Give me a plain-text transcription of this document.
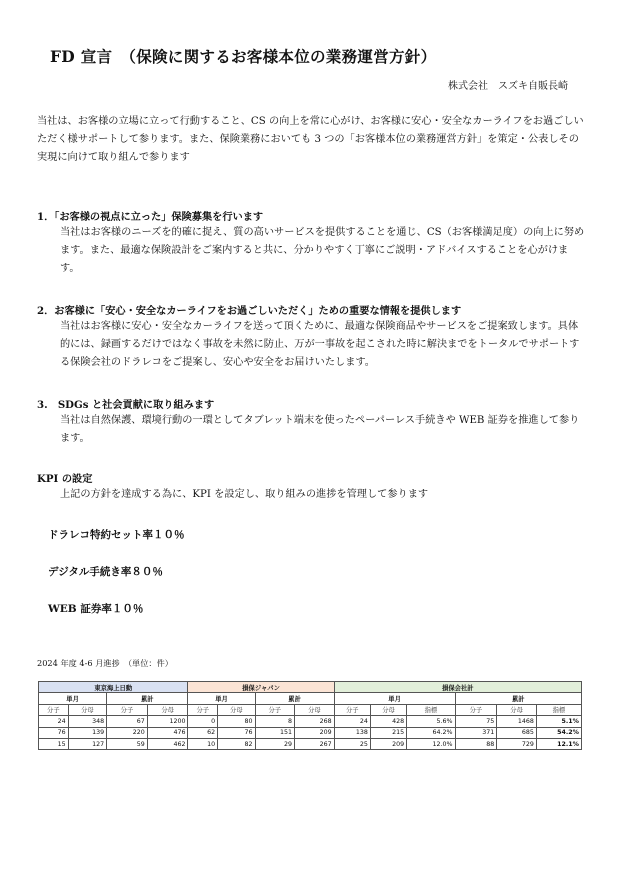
FD 宣言　（保険に関するお客様本位の業務運営方針）
株式会社　スズキ自販長崎
当社は、お客様の立場に立って行動すること、CS の向上を常に心がけ、お客様に安心・安全なカーライフをお過ごしいただく様サポートして参ります。また、保険業務においても 3 つの「お客様本位の業務運営方針」を策定・公表しその実現に向けて取り組んで参ります
1．「お客様の視点に立った」保険募集を行います
当社はお客様のニーズを的確に捉え、質の高いサービスを提供することを通じ、CS（お客様満足度）の向上に努めます。また、最適な保険設計をご案内すると共に、分かりやすく丁寧にご説明・アドバイスすることを心がけます。
2．お客様に「安心・安全なカーライフをお過ごしいただく」ための重要な情報を提供します
当社はお客様に安心・安全なカーライフを送って頂くために、最適な保険商品やサービスをご提案致します。具体的には、録画するだけではなく事故を未然に防止、万が一事故を起こされた時に解決までをトータルでサポートする保険会社のドラレコをご提案し、安心や安全をお届けいたします。
3.　SDGs と社会貢献に取り組みます
当社は自然保護、環境行動の一環としてタブレット端末を使ったペーパーレス手続きや WEB 証券を推進して参ります。
KPI の設定
上記の方針を達成する為に、KPI を設定し、取り組みの進捗を管理して参ります
ドラレコ特約セット率１０％
デジタル手続き率８０％
WEB 証券率１０％
2024 年度 4-6 月進捗　（単位：件）
東京海上日動				損保ジャパン				損保会社計					
単月		累計		単月		累計		単月			累計		
分子	分母	分子	分母	分子	分母	分子	分母	分子	分母	指標	分子	分母	指標
24	348	67	1200	0	80	8	268	24	428	5.6%	75	1468	5.1%
76	139	220	476	62	76	151	209	138	215	64.2%	371	685	54.2%
15	127	59	462	10	82	29	267	25	209	12.0%	88	729	12.1%
